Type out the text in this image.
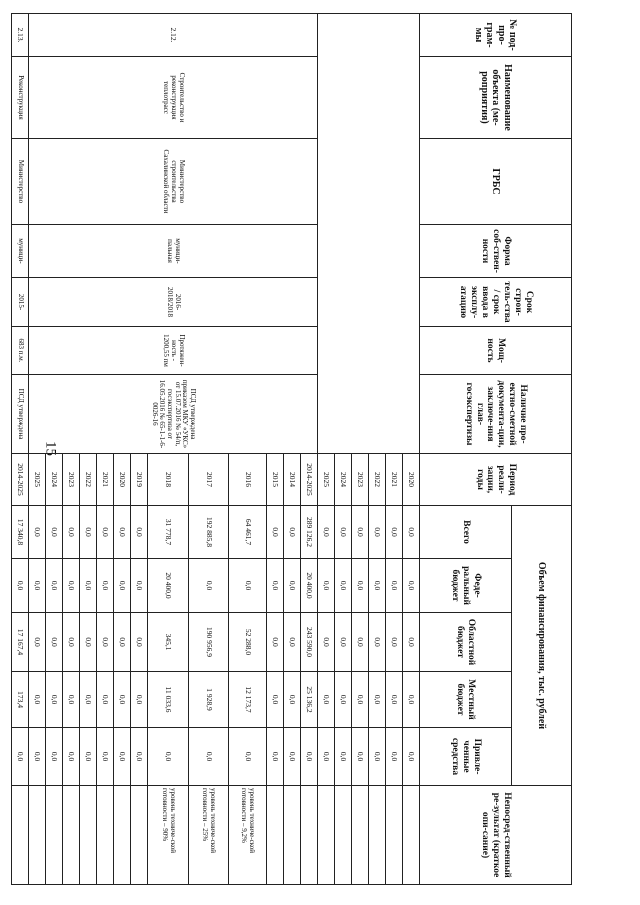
15
№ под-про-грам-мы	Наименование объекта (ме-роприятия)	ГРБС	Форма соб-ствен-ности	Срок строи-тель-ства / срок ввода в эксплу-атацию	Мощ-ность	Наличие про-ектно-сметной документа-ции, заключе-ния глав-госэкспертизы	Период реали-зации, годы	Объем финансирования, тыс. рублей					Непосред-ственный ре-зультат (краткое опи-сание)
								Всего	Феде-ральный бюджет	Областной бюджет	Местный бюджет	Привле-ченные средства	
							2020	0,0	0,0	0,0	0,0	0,0	
							2021	0,0	0,0	0,0	0,0	0,0	
							2022	0,0	0,0	0,0	0,0	0,0	
							2023	0,0	0,0	0,0	0,0	0,0	
							2024	0,0	0,0	0,0	0,0	0,0	
							2025	0,0	0,0	0,0	0,0	0,0	
2.12.	Строительство и реконструкция теплотрасс	Министерство строительства Сахалинской области	муници-пальная	2016-2018/2018	Протяжен-ность - 1200,55 пм	ПСД утверждена приказом МКУ «УКС» от 15.07.2016 № 54/п, госэкспертиза от 16.05.2016 № 65-1-1-6-0026-16	2014-2025	289 126,2	20 400,0	243 590,0	25 136,2	0,0	
							2014	0,0	0,0	0,0	0,0	0,0	
							2015	0,0	0,0	0,0	0,0	0,0	
							2016	64 461,7	0,0	52 288,0	12 173,7	0,0	уровень техниче-ской готовности – 9,2%
							2017	192 885,8	0,0	190 956,9	1 928,9	0,0	уровень техниче-ской готовности – 25%
							2018	31 778,7	20 400,0	345,1	11 033,6	0,0	уровень техниче-ской готовности – 90%
							2019	0,0	0,0	0,0	0,0	0,0	
							2020	0,0	0,0	0,0	0,0	0,0	
							2021	0,0	0,0	0,0	0,0	0,0	
							2022	0,0	0,0	0,0	0,0	0,0	
							2023	0,0	0,0	0,0	0,0	0,0	
							2024	0,0	0,0	0,0	0,0	0,0	
							2025	0,0	0,0	0,0	0,0	0,0	
2.13.	Реконструкция	Министерство	муници-	2015-	683 п.м.	ПСД утверждена	2014-2025	17 340,8	0,0	17 167,4	173,4	0,0	
